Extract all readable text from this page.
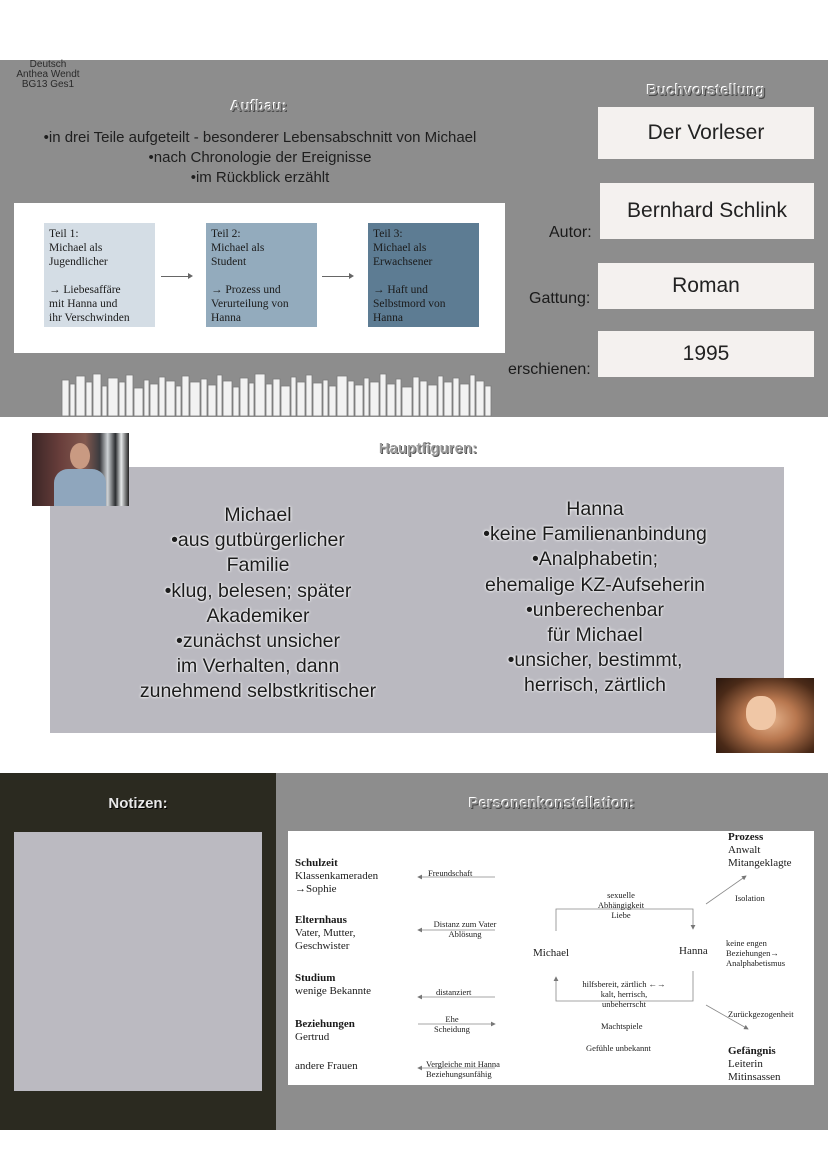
Deutsch
Anthea Wendt
BG13 Ges1
Aufbau:
•in drei Teile aufgeteilt - besonderer Lebensabschnitt von Michael
•nach Chronologie der Ereignisse
•im Rückblick erzählt
Teil 1:
Michael als
Jugendlicher
→ Liebesaffäre
mit Hanna und
ihr Verschwinden
Teil 2:
Michael als
Student
→ Prozess und
Verurteilung von
Hanna
Teil 3:
Michael als
Erwachsener
→ Haft und
Selbstmord von
Hanna
Buchvorstellung
Der Vorleser
Autor:
Bernhard Schlink
Gattung:
Roman
erschienen:
1995
Hauptfiguren:
Michael
•aus gutbürgerlicher
Familie
•klug, belesen; später
Akademiker
•zunächst unsicher
im Verhalten, dann
zunehmend selbstkritischer
Hanna
•keine Familienanbindung
•Analphabetin;
ehemalige KZ-Aufseherin
•unberechenbar
für Michael
•unsicher, bestimmt,
herrisch, zärtlich
Notizen:	Personenkonstellation:
Schulzeit
Klassenkameraden
→Sophie
Freundschaft
Elternhaus
Vater, Mutter,
Geschwister
Distanz zum Vater
Ablösung
Studium
wenige Bekannte	distanziert
Beziehungen
Gertrud
Ehe
Scheidung
andere Frauen	Vergleiche mit Hanna
Beziehungsunfähig
sexuelle
Abhängigkeit
Liebe
Michael	Hanna
hilfsbereit, zärtlich ←→
kalt, herrisch,
unbeherrscht
Machtspiele
Gefühle unbekannt
Prozess
Anwalt
Mitangeklagte
Isolation
keine engen
Beziehungen→
Analphabetismus
Zurückgezogenheit
Gefängnis
Leiterin
Mitinsassen
